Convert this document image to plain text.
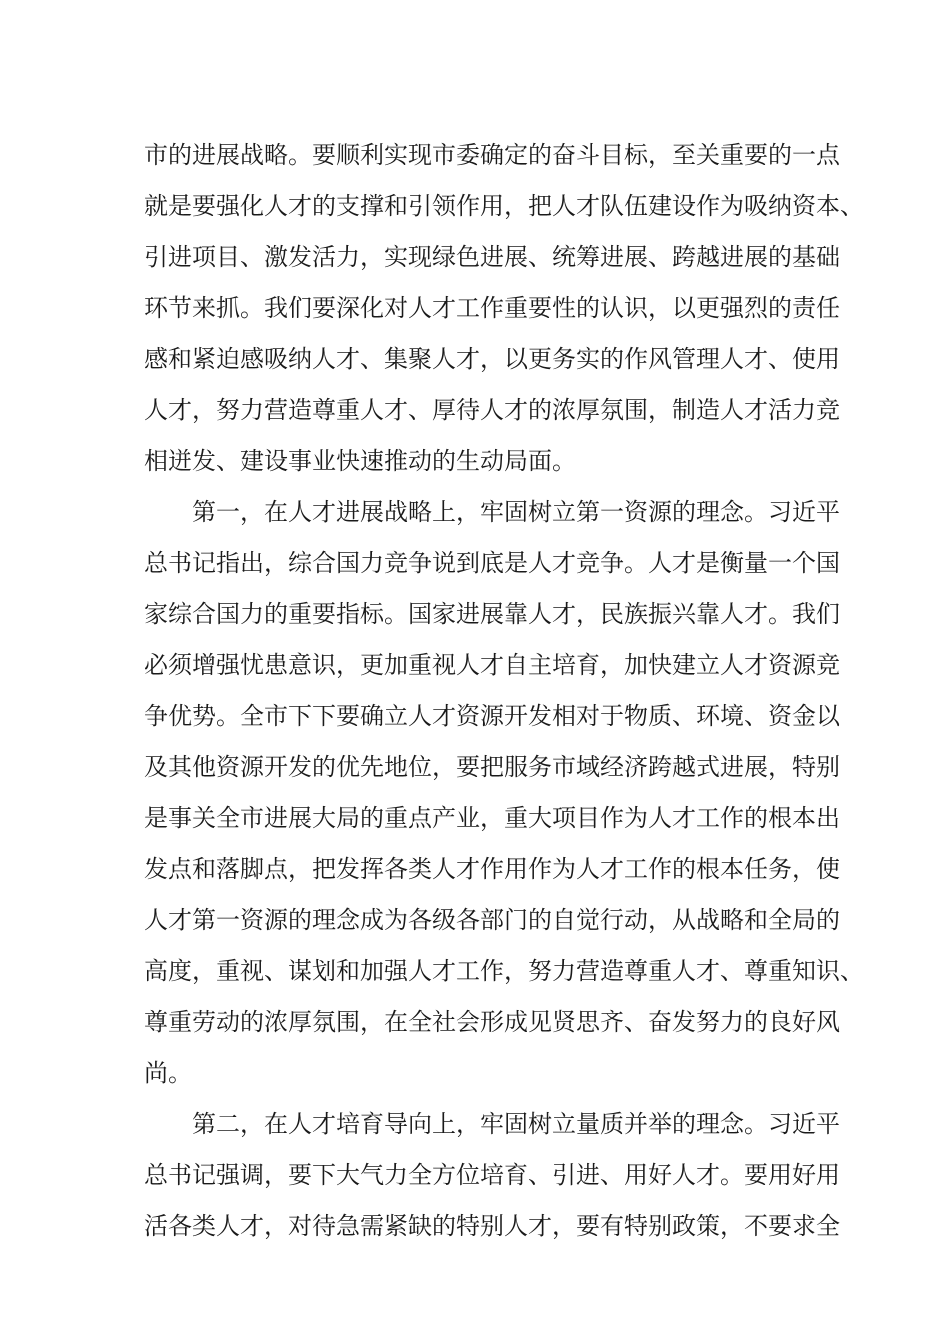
市的进展战略。要顺利实现市委确定的奋斗目标，至关重要的一点
就是要强化人才的支撑和引领作用，把人才队伍建设作为吸纳资本、
引进项目、激发活力，实现绿色进展、统筹进展、跨越进展的基础
环节来抓。我们要深化对人才工作重要性的认识，以更强烈的责任
感和紧迫感吸纳人才、集聚人才，以更务实的作风管理人才、使用
人才，努力营造尊重人才、厚待人才的浓厚氛围，制造人才活力竞
相迸发、建设事业快速推动的生动局面。
第一，在人才进展战略上，牢固树立第一资源的理念。习近平
总书记指出，综合国力竞争说到底是人才竞争。人才是衡量一个国
家综合国力的重要指标。国家进展靠人才，民族振兴靠人才。我们
必须增强忧患意识，更加重视人才自主培育，加快建立人才资源竞
争优势。全市下下要确立人才资源开发相对于物质、环境、资金以
及其他资源开发的优先地位，要把服务市域经济跨越式进展，特别
是事关全市进展大局的重点产业，重大项目作为人才工作的根本出
发点和落脚点，把发挥各类人才作用作为人才工作的根本任务，使
人才第一资源的理念成为各级各部门的自觉行动，从战略和全局的
高度，重视、谋划和加强人才工作，努力营造尊重人才、尊重知识、
尊重劳动的浓厚氛围，在全社会形成见贤思齐、奋发努力的良好风
尚。
第二，在人才培育导向上，牢固树立量质并举的理念。习近平
总书记强调，要下大气力全方位培育、引进、用好人才。要用好用
活各类人才，对待急需紧缺的特别人才，要有特别政策，不要求全
